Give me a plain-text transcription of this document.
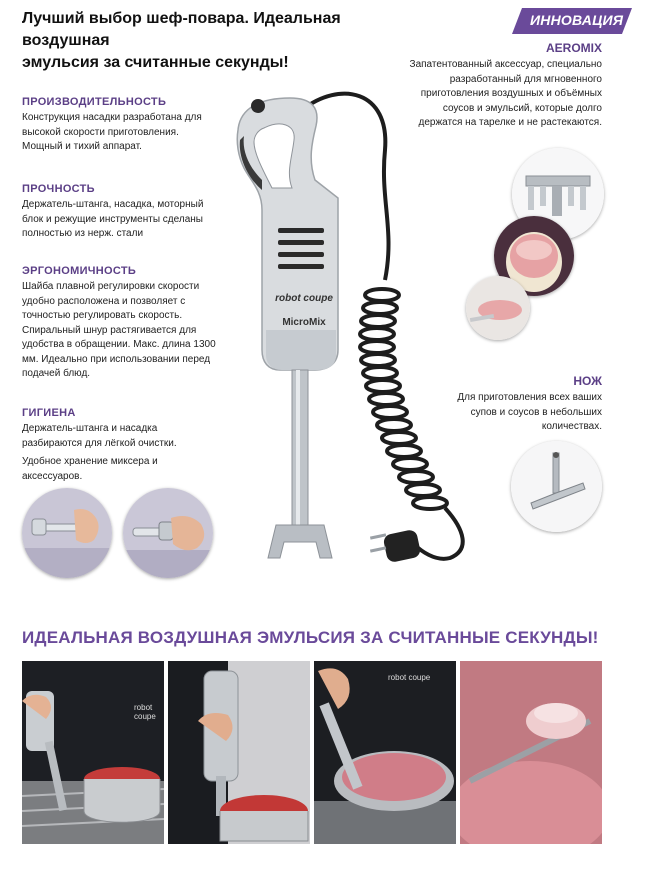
Лучший выбор шеф-повара. Идеальная воздушная
эмульсия за считанные секунды!
ИННОВАЦИЯ
ПРОИЗВОДИТЕЛЬНОСТЬ
Конструкция насадки разработана для
высокой скорости приготовления.
Мощный и тихий аппарат.
ПРОЧНОСТЬ
Держатель-штанга, насадка, моторный
блок и режущие инструменты сделаны
полностью из нерж. стали
ЭРГОНОМИЧНОСТЬ
Шайба плавной регулировки скорости
удобно расположена и позволяет с
точностью регулировать скорость.
Спиральный шнур растягивается для
удобства в обращении. Макс. длина 1300
мм. Идеально при использовании перед
подачей блюд.
ГИГИЕНА
Держатель-штанга и насадка
разбираются для лёгкой очистки.
Удобное хранение миксера и
аксессуаров.
robot coupe
MicroMix
AEROMIX
Запатентованный аксессуар, специально
разработанный для мгновенного
приготовления воздушных и объёмных
соусов и эмульсий, которые долго
держатся на тарелке и не растекаются.
НОЖ
Для приготовления всех ваших
супов и соусов в небольших
количествах.
ИДЕАЛЬНАЯ ВОЗДУШНАЯ ЭМУЛЬСИЯ ЗА СЧИТАННЫЕ СЕКУНДЫ!
robot coupe
robot coupe
